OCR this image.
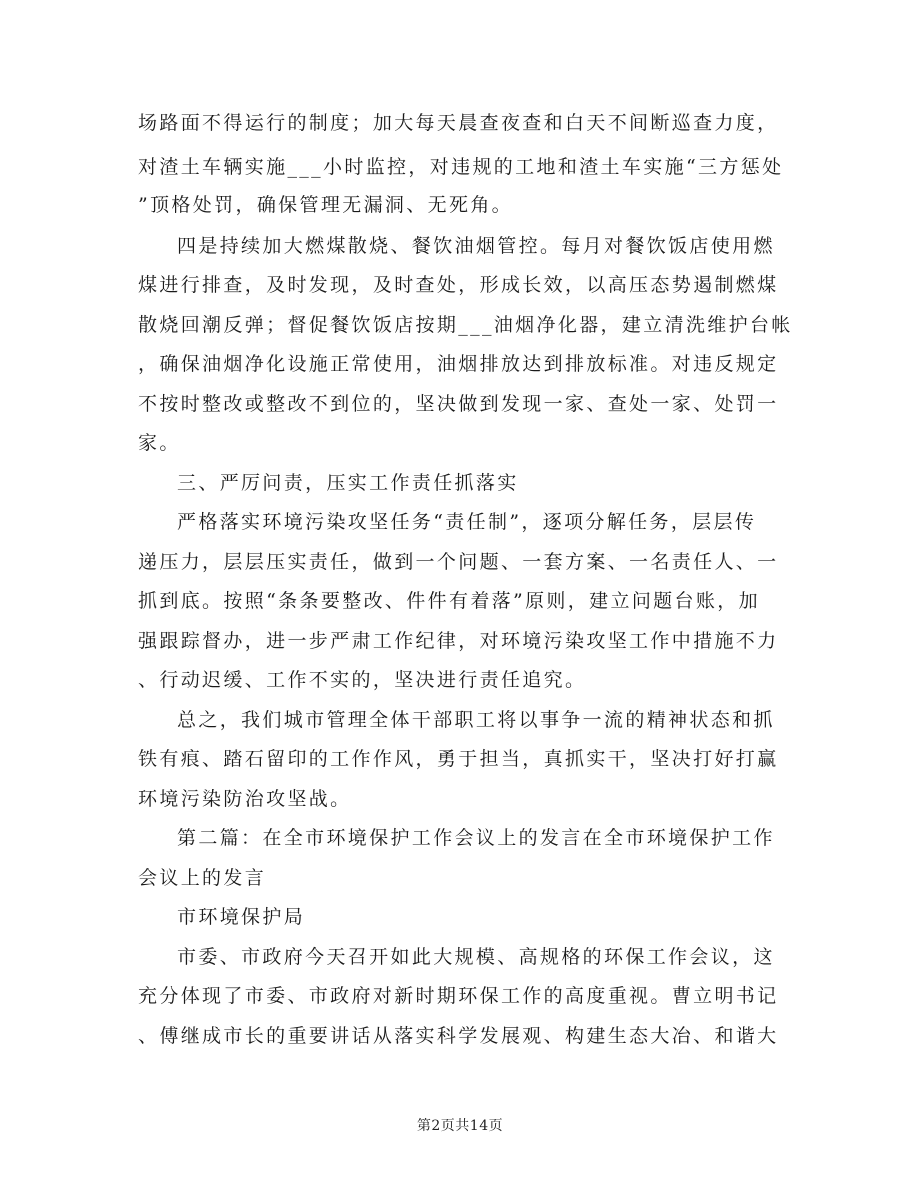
场路面不得运行的制度；加大每天晨查夜查和白天不间断巡查力度，
对渣土车辆实施___小时监控，对违规的工地和渣土车实施“三方惩处
”顶格处罚，确保管理无漏洞、无死角。
四是持续加大燃煤散烧、餐饮油烟管控。每月对餐饮饭店使用燃
煤进行排查，及时发现，及时查处，形成长效，以高压态势遏制燃煤
散烧回潮反弹；督促餐饮饭店按期___油烟净化器，建立清洗维护台帐
，确保油烟净化设施正常使用，油烟排放达到排放标准。对违反规定
不按时整改或整改不到位的，坚决做到发现一家、查处一家、处罚一
家。
三、严厉问责，压实工作责任抓落实
严格落实环境污染攻坚任务“责任制”，逐项分解任务，层层传
递压力，层层压实责任，做到一个问题、一套方案、一名责任人、一
抓到底。按照“条条要整改、件件有着落”原则，建立问题台账，加
强跟踪督办，进一步严肃工作纪律，对环境污染攻坚工作中措施不力
、行动迟缓、工作不实的，坚决进行责任追究。
总之，我们城市管理全体干部职工将以事争一流的精神状态和抓
铁有痕、踏石留印的工作作风，勇于担当，真抓实干，坚决打好打赢
环境污染防治攻坚战。
第二篇：在全市环境保护工作会议上的发言在全市环境保护工作
会议上的发言
市环境保护局
市委、市政府今天召开如此大规模、高规格的环保工作会议，这
充分体现了市委、市政府对新时期环保工作的高度重视。曹立明书记
、傅继成市长的重要讲话从落实科学发展观、构建生态大冶、和谐大
第2页共14页
